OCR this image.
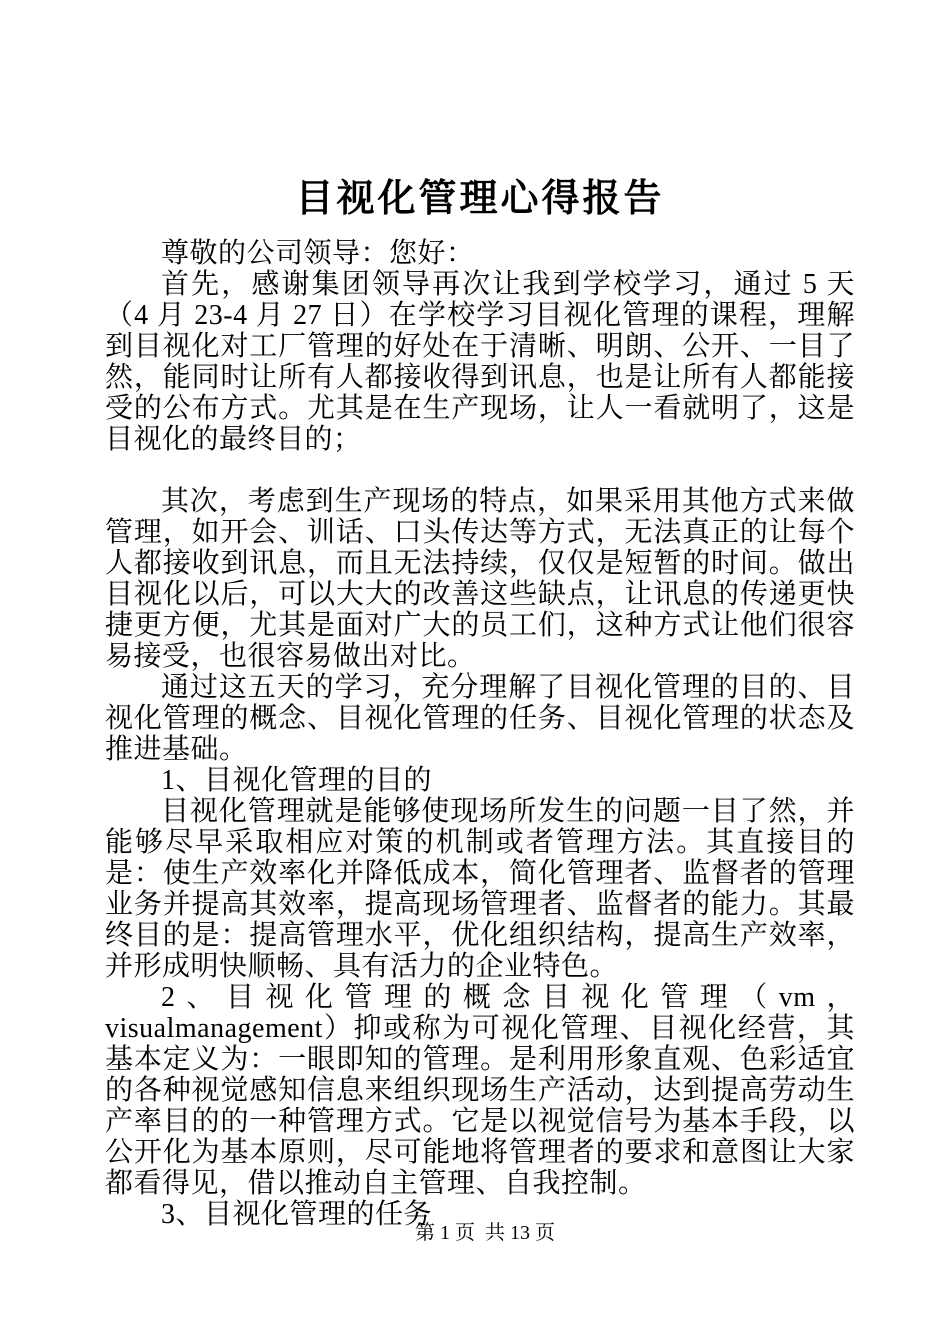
目视化管理心得报告

尊敬的公司领导：您好：

首先，感谢集团领导再次让我到学校学习，通过 5 天（4 月 23-4 月 27 日）在学校学习目视化管理的课程，理解到目视化对工厂管理的好处在于清晰、明朗、公开、一目了然，能同时让所有人都接收得到讯息，也是让所有人都能接受的公布方式。尤其是在生产现场，让人一看就明了，这是目视化的最终目的；

其次，考虑到生产现场的特点，如果采用其他方式来做管理，如开会、训话、口头传达等方式，无法真正的让每个人都接收到讯息，而且无法持续，仅仅是短暂的时间。做出目视化以后，可以大大的改善这些缺点，让讯息的传递更快捷更方便，尤其是面对广大的员工们，这种方式让他们很容易接受，也很容易做出对比。

通过这五天的学习，充分理解了目视化管理的目的、目视化管理的概念、目视化管理的任务、目视化管理的状态及推进基础。

1、目视化管理的目的

目视化管理就是能够使现场所发生的问题一目了然，并能够尽早采取相应对策的机制或者管理方法。其直接目的是：使生产效率化并降低成本，简化管理者、监督者的管理业务并提高其效率，提高现场管理者、监督者的能力。其最终目的是：提高管理水平，优化组织结构，提高生产效率，并形成明快顺畅、具有活力的企业特色。

2、目视化管理的概念目视化管理（vm，visualmanagement）抑或称为可视化管理、目视化经营，其基本定义为：一眼即知的管理。是利用形象直观、色彩适宜的各种视觉感知信息来组织现场生产活动，达到提高劳动生产率目的的一种管理方式。它是以视觉信号为基本手段，以公开化为基本原则，尽可能地将管理者的要求和意图让大家都看得见，借以推动自主管理、自我控制。

3、目视化管理的任务

第 1 页  共 13 页
